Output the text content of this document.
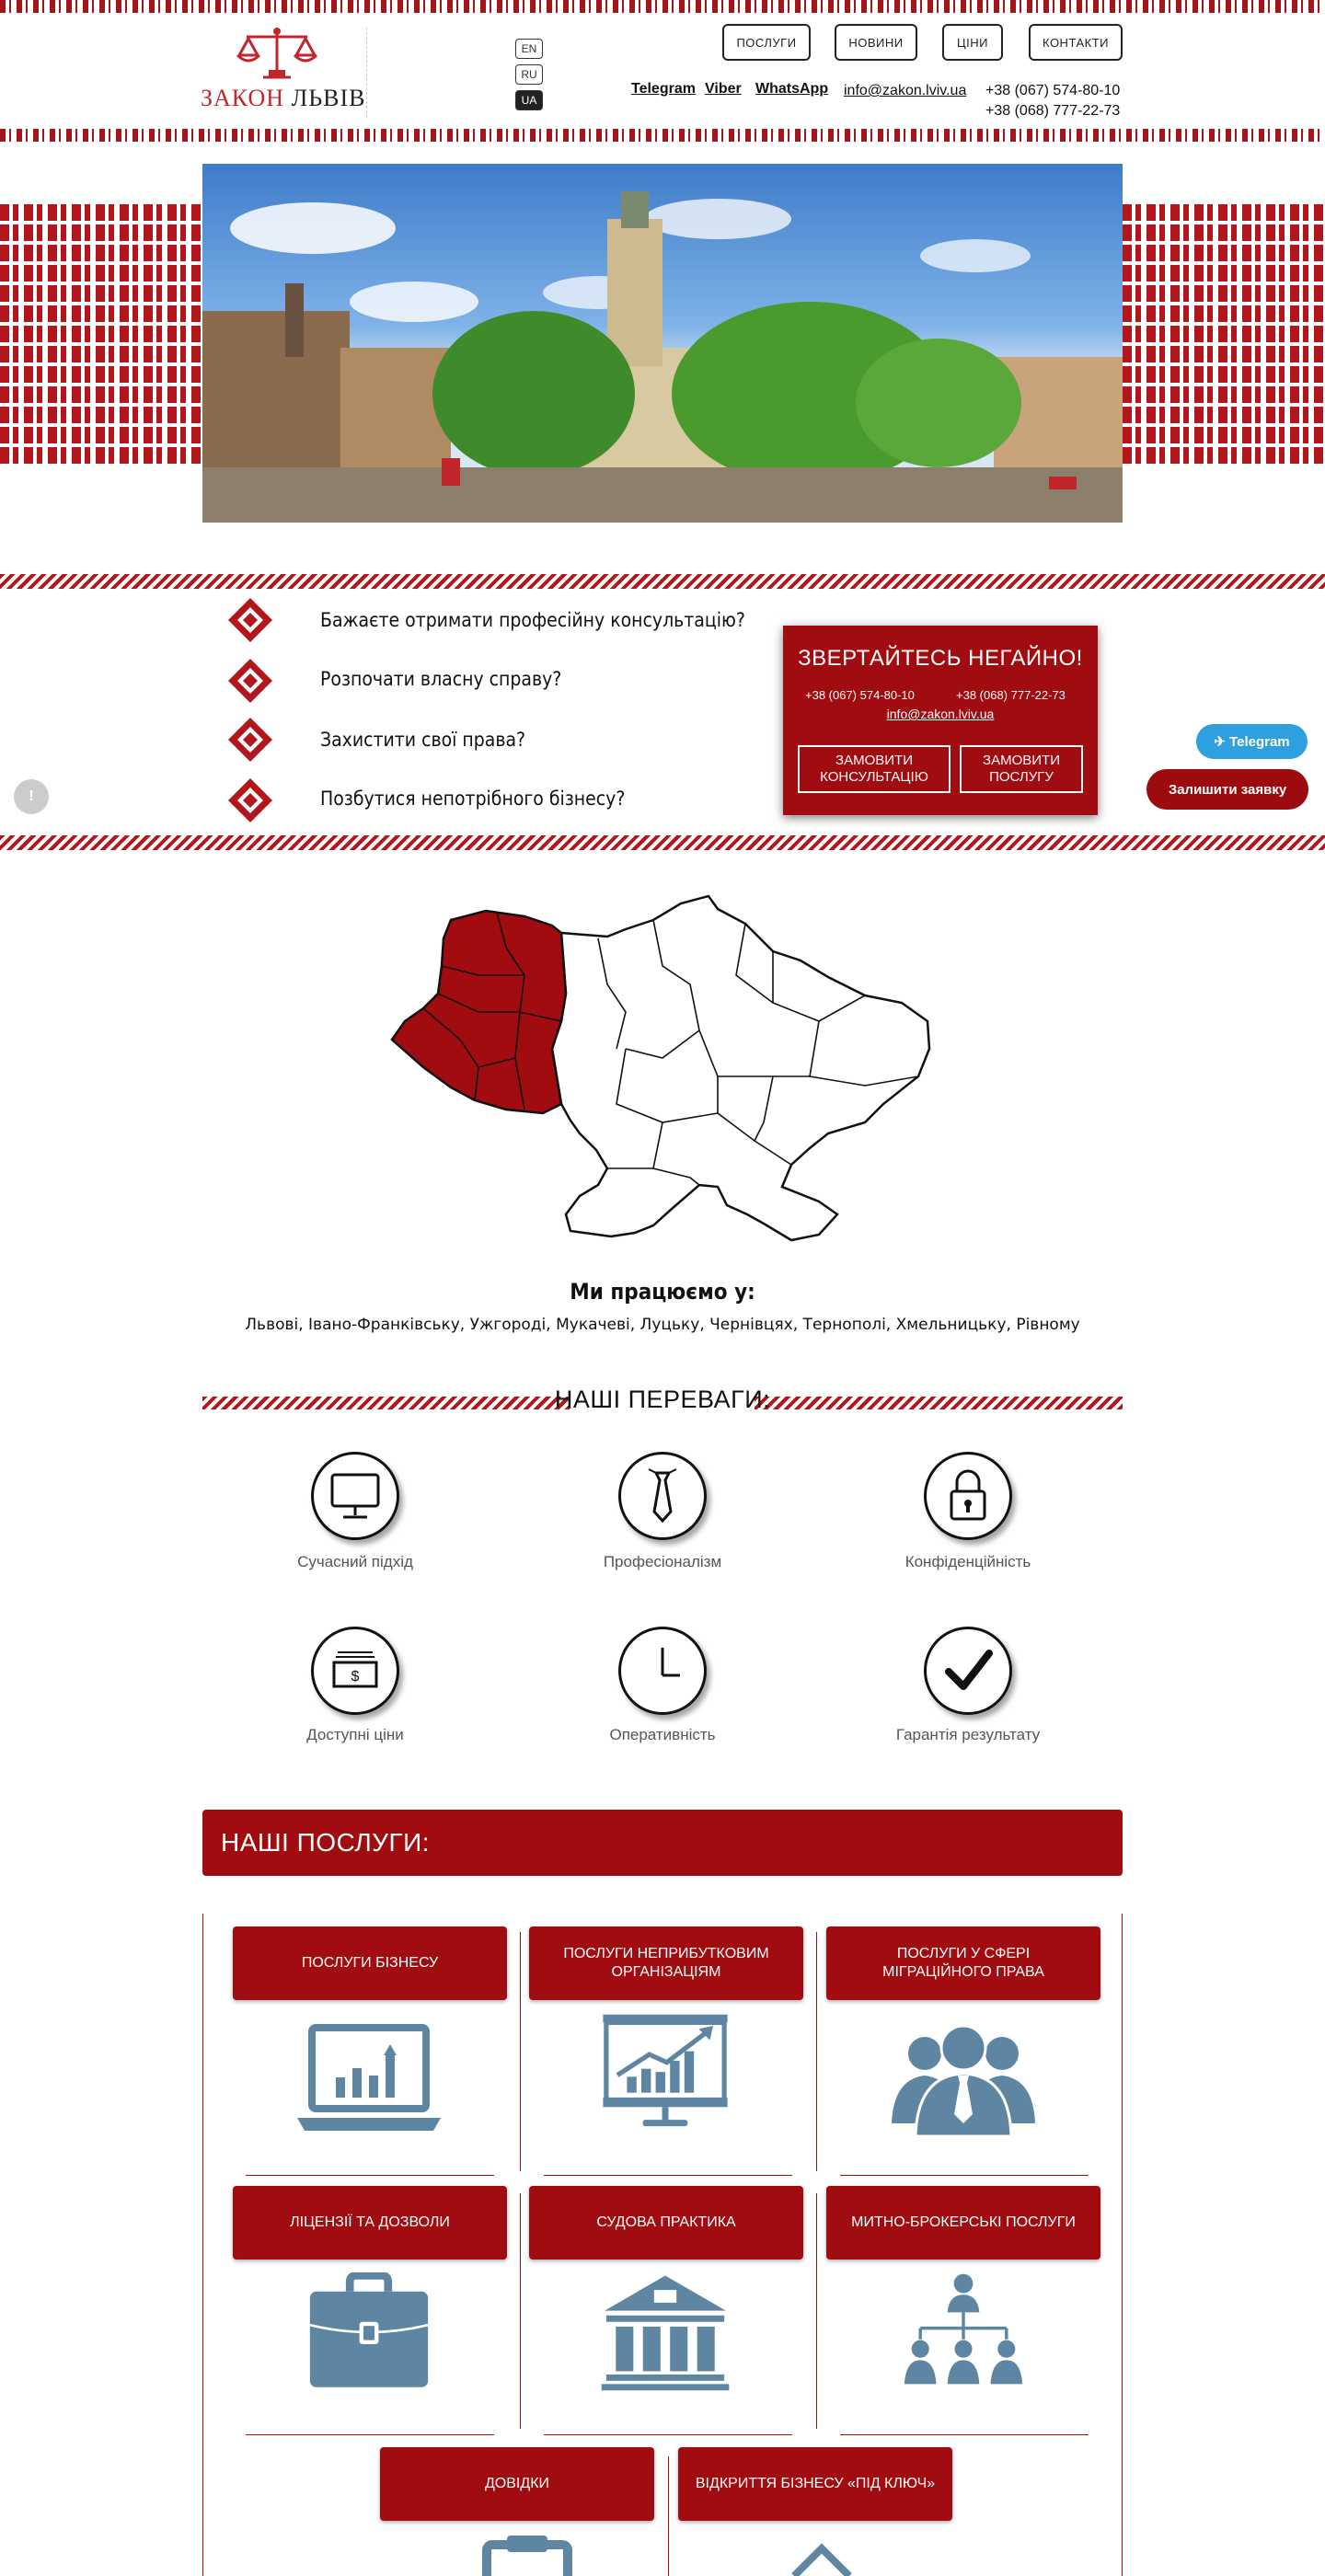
ЗАКОН ЛЬВІВ
EN
RU
UA
ПОСЛУГИ	НОВИНИ	ЦІНИ	КОНТАКТИ
Telegram Viber WhatsApp info@zakon.lviv.ua +38 (067) 574-80-10
+38 (068) 777-22-73
Бажаєте отримати професійну консультацію?
Розпочати власну справу?
Захистити свої права?
Позбутися непотрібного бізнесу?
ЗВЕРТАЙТЕСЬ НЕГАЙНО!
+38 (067) 574-80-10	+38 (068) 777-22-73
info@zakon.lviv.ua
ЗАМОВИТИ КОНСУЛЬТАЦІЮ
ЗАМОВИТИ ПОСЛУГУ
✈ Telegram
Залишити заявку
!
Ми працюємо у:
Львові, Івано-Франківську, Ужгороді, Мукачеві, Луцьку, Чернівцях, Тернополі, Хмельницьку, Рівному
НАШІ ПЕРЕВАГИ:
Сучасний підхід	Професіоналізм	Конфіденційність
$
Доступні ціни	Оперативність	Гарантія результату
НАШІ ПОСЛУГИ:
ПОСЛУГИ БІЗНЕСУ
ПОСЛУГИ НЕПРИБУТКОВИМ ОРГАНІЗАЦІЯМ
ПОСЛУГИ У СФЕРІ МІГРАЦІЙНОГО ПРАВА
ЛІЦЕНЗІЇ ТА ДОЗВОЛИ	СУДОВА ПРАКТИКА	МИТНО-БРОКЕРСЬКІ ПОСЛУГИ
ДОВІДКИ	ВІДКРИТТЯ БІЗНЕСУ «ПІД КЛЮЧ»
